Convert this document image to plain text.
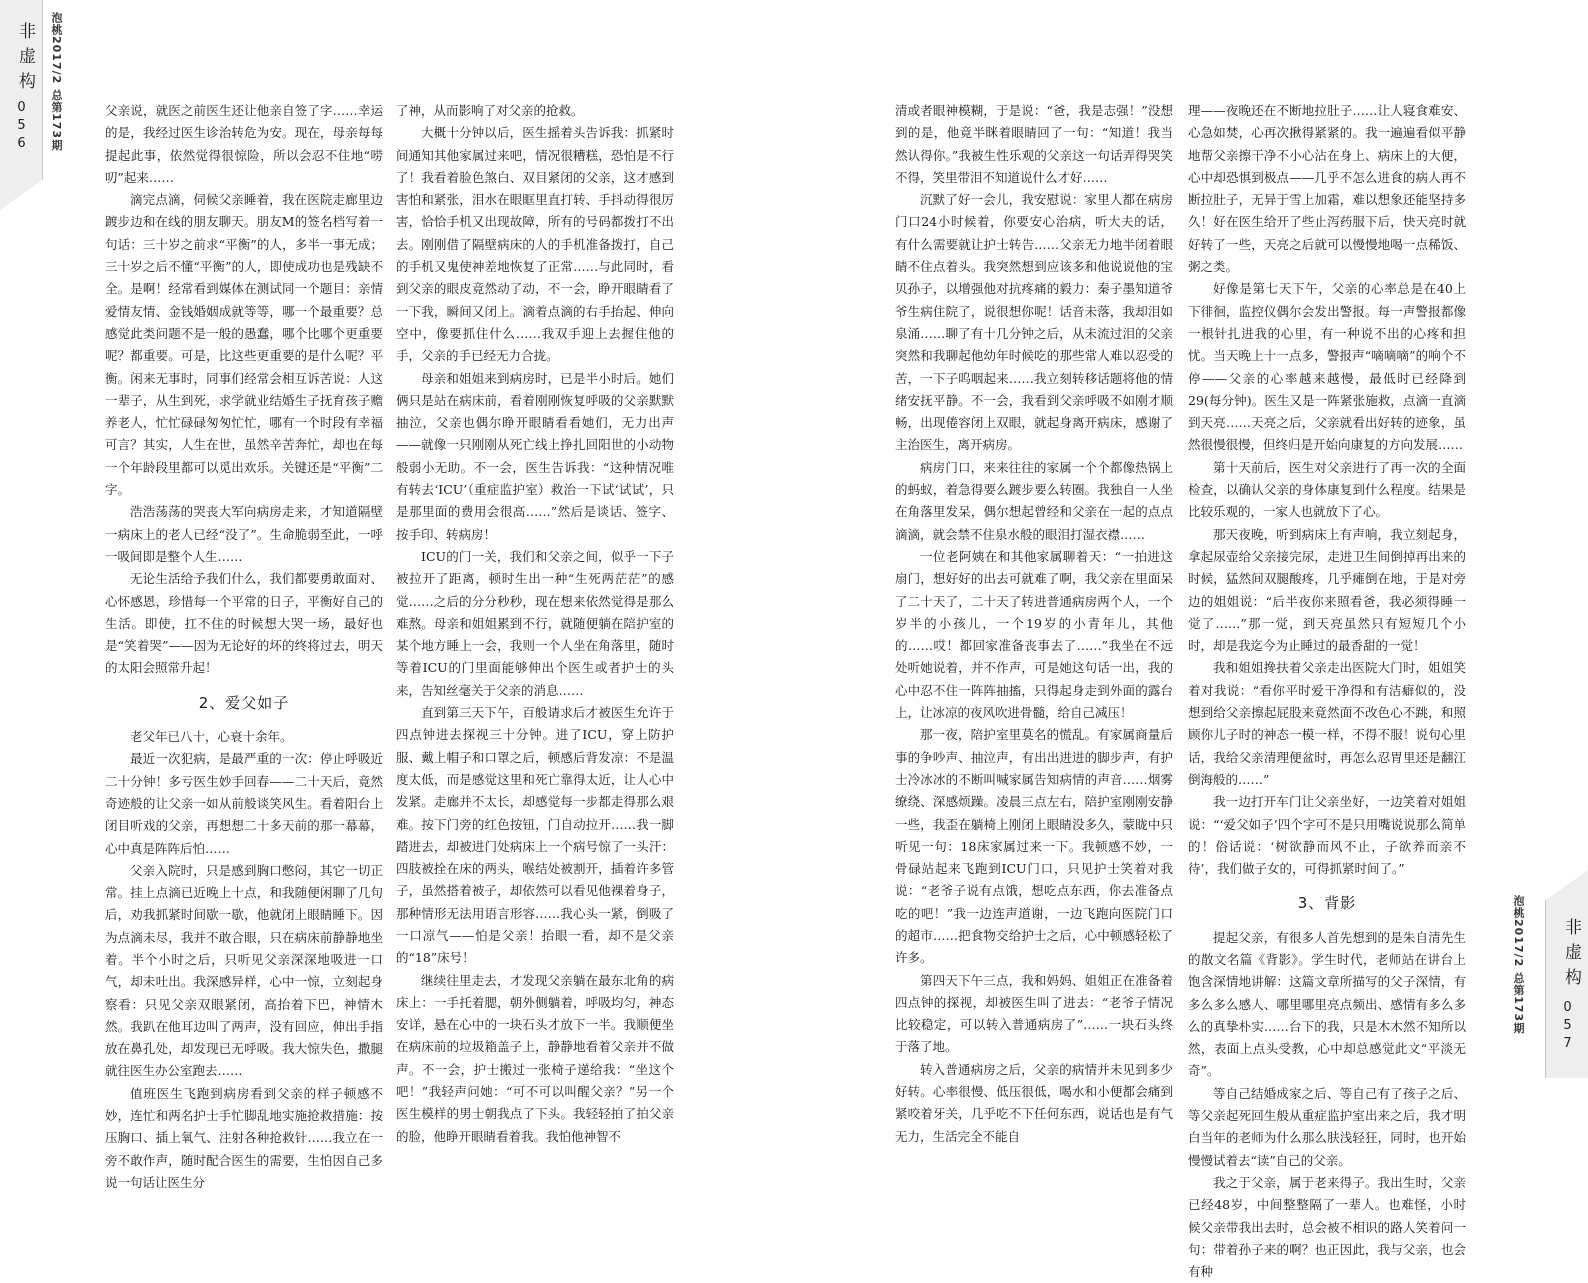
非虚构
056 泡桃2017/2 总第173期	父亲说，就医之前医生还让他亲自签了字……幸运的是，我经过医生诊治转危为安。现在，母亲每每提起此事，依然觉得很惊险，所以会忍不住地“唠叨”起来……

滴完点滴，伺候父亲睡着，我在医院走廊里边踱步边和在线的朋友聊天。朋友M的签名档写着一句话：三十岁之前求“平衡”的人，多半一事无成；三十岁之后不懂“平衡”的人，即使成功也是残缺不全。是啊！经常看到媒体在测试同一个题目：亲情爱情友情、金钱婚姻成就等等，哪一个最重要？总感觉此类问题不是一般的愚蠢，哪个比哪个更重要呢？都重要。可是，比这些更重要的是什么呢？平衡。闲来无事时，同事们经常会相互诉苦说：人这一辈子，从生到死，求学就业结婚生子抚育孩子赡养老人，忙忙碌碌匆匆忙忙，哪有一个时段有幸福可言？其实，人生在世，虽然辛苦奔忙，却也在每一个年龄段里都可以觅出欢乐。关键还是“平衡”二字。

浩浩荡荡的哭丧大军向病房走来，才知道隔壁一病床上的老人已经“没了”。生命脆弱至此，一呼一吸间即是整个人生……

无论生活给予我们什么，我们都要勇敢面对、心怀感恩，珍惜每一个平常的日子，平衡好自己的生活。即使，扛不住的时候想大哭一场，最好也是“笑着哭”——因为无论好的坏的终将过去，明天的太阳会照常升起！

2、爱父如子

老父年已八十，心衰十余年。

最近一次犯病，是最严重的一次：停止呼吸近二十分钟！多亏医生妙手回春——二十天后，竟然奇迹般的让父亲一如从前般谈笑风生。看着阳台上闭目听戏的父亲，再想想二十多天前的那一幕幕，心中真是阵阵后怕……

父亲入院时，只是感到胸口憋闷，其它一切正常。挂上点滴已近晚上十点，和我随便闲聊了几句后，劝我抓紧时间歇一歇，他就闭上眼睛睡下。因为点滴未尽，我并不敢合眼，只在病床前静静地坐着。半个小时之后，只听见父亲深深地吸进一口气，却未吐出。我深感异样，心中一惊，立刻起身察看：只见父亲双眼紧闭，高抬着下巴，神情木然。我趴在他耳边叫了两声，没有回应，伸出手指放在鼻孔处，却发现已无呼吸。我大惊失色，撒腿就往医生办公室跑去……

值班医生飞跑到病房看到父亲的样子顿感不妙，连忙和两名护士手忙脚乱地实施抢救措施：按压胸口、插上氧气、注射各种抢救针……我立在一旁不敢作声，随时配合医生的需要，生怕因自己多说一句话让医生分

了神，从而影响了对父亲的抢救。

大概十分钟以后，医生摇着头告诉我：抓紧时间通知其他家属过来吧，情况很糟糕，恐怕是不行了！我看着脸色煞白、双目紧闭的父亲，这才感到害怕和紧张，泪水在眼眶里直打转、手抖动得很厉害，恰恰手机又出现故障，所有的号码都拨打不出去。刚刚借了隔壁病床的人的手机准备拨打，自己的手机又鬼使神差地恢复了正常……与此同时，看到父亲的眼皮竟然动了动，不一会，睁开眼睛看了一下我，瞬间又闭上。滴着点滴的右手抬起、伸向空中，像要抓住什么……我双手迎上去握住他的手，父亲的手已经无力合拢。

母亲和姐姐来到病房时，已是半小时后。她们俩只是站在病床前，看着刚刚恢复呼吸的父亲默默抽泣，父亲也偶尔睁开眼睛看看她们，无力出声——就像一只刚刚从死亡线上挣扎回阳世的小动物般弱小无助。不一会，医生告诉我：“这种情况唯有转去‘ICU’（重症监护室）救治一下试‘试试’，只是那里面的费用会很高……”然后是谈话、签字、按手印、转病房！

ICU的门一关，我们和父亲之间，似乎一下子被拉开了距离，顿时生出一种“生死两茫茫”的感觉……之后的分分秒秒，现在想来依然觉得是那么难熬。母亲和姐姐累到不行，就随便躺在陪护室的某个地方睡上一会，我则一个人坐在角落里，随时等着ICU的门里面能够伸出个医生或者护士的头来，告知丝毫关于父亲的消息……

直到第三天下午，百般请求后才被医生允许于四点钟进去探视三十分钟。进了ICU，穿上防护服、戴上帽子和口罩之后，顿感后背发凉：不是温度太低，而是感觉这里和死亡靠得太近，让人心中发紧。走廊并不太长，却感觉每一步都走得那么艰难。按下门旁的红色按钮，门自动拉开……我一脚踏进去，却被进门处病床上一个病号惊了一头汗：四肢被拴在床的两头，喉结处被割开，插着许多管子，虽然搭着被子，却依然可以看见他裸着身子，那种情形无法用语言形容……我心头一紧，倒吸了一口凉气——怕是父亲！抬眼一看，却不是父亲的“18”床号！

继续往里走去，才发现父亲躺在最东北角的病床上：一手托着腮，朝外侧躺着，呼吸均匀，神态安详，悬在心中的一块石头才放下一半。我顺便坐在病床前的垃圾箱盖子上，静静地看着父亲并不做声。不一会，护士搬过一张椅子递给我：“坐这个吧！”我轻声问她：“可不可以叫醒父亲？”另一个医生模样的男士朝我点了下头。我轻轻拍了拍父亲的脸，他睁开眼睛看着我。我怕他神智不

清或者眼神模糊，于是说：“爸，我是志强！”没想到的是，他竟半眯着眼睛回了一句：“知道！我当然认得你。”我被生性乐观的父亲这一句话弄得哭笑不得，笑里带泪不知道说什么才好……

沉默了好一会儿，我安慰说：家里人都在病房门口24小时候着，你要安心治病，听大夫的话，有什么需要就让护士转告……父亲无力地半闭着眼睛不住点着头。我突然想到应该多和他说说他的宝贝孙子，以增强他对抗疼痛的毅力：秦子墨知道爷爷生病住院了，说很想你呢！话音未落，我却泪如泉涌……聊了有十几分钟之后，从未流过泪的父亲突然和我聊起他幼年时候吃的那些常人难以忍受的苦，一下子呜咽起来……我立刻转移话题将他的情绪安抚平静。不一会，我看到父亲呼吸不如刚才顺畅，出现倦容闭上双眼，就起身离开病床，感谢了主治医生，离开病房。

病房门口，来来往往的家属一个个都像热锅上的蚂蚁，着急得要么踱步要么转圈。我独自一人坐在角落里发呆，偶尔想起曾经和父亲在一起的点点滴滴，就会禁不住泉水般的眼泪打湿衣襟……

一位老阿姨在和其他家属聊着天：“一拍进这扇门，想好好的出去可就难了啊，我父亲在里面呆了二十天了，二十天了转进普通病房两个人，一个岁半的小孩儿，一个19岁的小青年儿，其他的……哎！都回家准备丧事去了……”我坐在不远处听她说着，并不作声，可是她这句话一出，我的心中忍不住一阵阵抽搐，只得起身走到外面的露台上，让冰凉的夜风吹进骨髓，给自己减压！

那一夜，陪护室里莫名的慌乱。有家属商量后事的争吵声、抽泣声，有出出进进的脚步声，有护士冷冰冰的不断叫喊家属告知病情的声音……烟雾缭绕、深感烦躁。凌晨三点左右，陪护室刚刚安静一些，我歪在躺椅上刚闭上眼睛没多久，蒙眬中只听见一句：18床家属过来一下。我顿感不妙，一骨碌站起来飞跑到ICU门口，只见护士笑着对我说：“老爷子说有点饿，想吃点东西，你去准备点吃的吧！”我一边连声道谢，一边飞跑向医院门口的超市……把食物交给护士之后，心中顿感轻松了许多。

第四天下午三点，我和妈妈、姐姐正在准备着四点钟的探视，却被医生叫了进去：“老爷子情况比较稳定，可以转入普通病房了”……一块石头终于落了地。

转入普通病房之后，父亲的病情并未见到多少好转。心率很慢、低压很低，喝水和小便都会痛到紧咬着牙关，几乎吃不下任何东西，说话也是有气无力，生活完全不能自

理——夜晚还在不断地拉肚子……让人寝食难安、心急如焚，心再次揪得紧紧的。我一遍遍看似平静地帮父亲擦干净不小心沾在身上、病床上的大便，心中却恐惧到极点——几乎不怎么进食的病人再不断拉肚子，无异于雪上加霜，难以想象还能坚持多久！好在医生给开了些止泻药服下后，快天亮时就好转了一些，天亮之后就可以慢慢地喝一点稀饭、粥之类。

好像是第七天下午，父亲的心率总是在40上下徘徊，监控仪偶尔会发出警报。每一声警报都像一根针扎进我的心里，有一种说不出的心疼和担忧。当天晚上十一点多，警报声“嘀嘀嘀”的响个不停——父亲的心率越来越慢，最低时已经降到29(每分钟)。医生又是一阵紧张施救，点滴一直滴到天亮……天亮之后，父亲就看出好转的迹象，虽然很慢很慢，但终归是开始向康复的方向发展……

第十天前后，医生对父亲进行了再一次的全面检查，以确认父亲的身体康复到什么程度。结果是比较乐观的，一家人也就放下了心。

那天夜晚，听到病床上有声响，我立刻起身，拿起尿壶给父亲接完尿，走进卫生间倒掉再出来的时候，猛然间双腿酸疼，几乎瘫倒在地，于是对旁边的姐姐说：“后半夜你来照看爸，我必须得睡一觉了……”那一觉，到天亮虽然只有短短几个小时，却是我迄今为止睡过的最香甜的一觉！

我和姐姐搀扶着父亲走出医院大门时，姐姐笑着对我说：“看你平时爱干净得和有洁癖似的，没想到给父亲擦起屁股来竟然面不改色心不跳，和照顾你儿子时的神态一模一样，不得不服！说句心里话，我给父亲清理便盆时，再怎么忍胃里还是翻江倒海般的……”

我一边打开车门让父亲坐好，一边笑着对姐姐说：“‘爱父如子’四个字可不是只用嘴说说那么简单的！俗话说：‘树欲静而风不止，子欲养而亲不待’，我们做子女的，可得抓紧时间了。”

3、背影

提起父亲，有很多人首先想到的是朱自清先生的散文名篇《背影》。学生时代，老师站在讲台上饱含深情地讲解：这篇文章所描写的父子深情，有多么多么感人、哪里哪里亮点频出、感情有多么多么的真挚朴实……台下的我，只是木木然不知所以然，表面上点头受教，心中却总感觉此文“平淡无奇”。

等自己结婚成家之后、等自己有了孩子之后、等父亲起死回生般从重症监护室出来之后，我才明白当年的老师为什么那么肤浅轻狂，同时，也开始慢慢试着去“读”自己的父亲。

我之于父亲，属于老来得子。我出生时，父亲已经48岁，中间整整隔了一辈人。也难怪，小时候父亲带我出去时，总会被不相识的路人笑着问一句：带着孙子来的啊？也正因此，我与父亲，也会有种

泡桃2017/2 总第173期 非虚构
057
